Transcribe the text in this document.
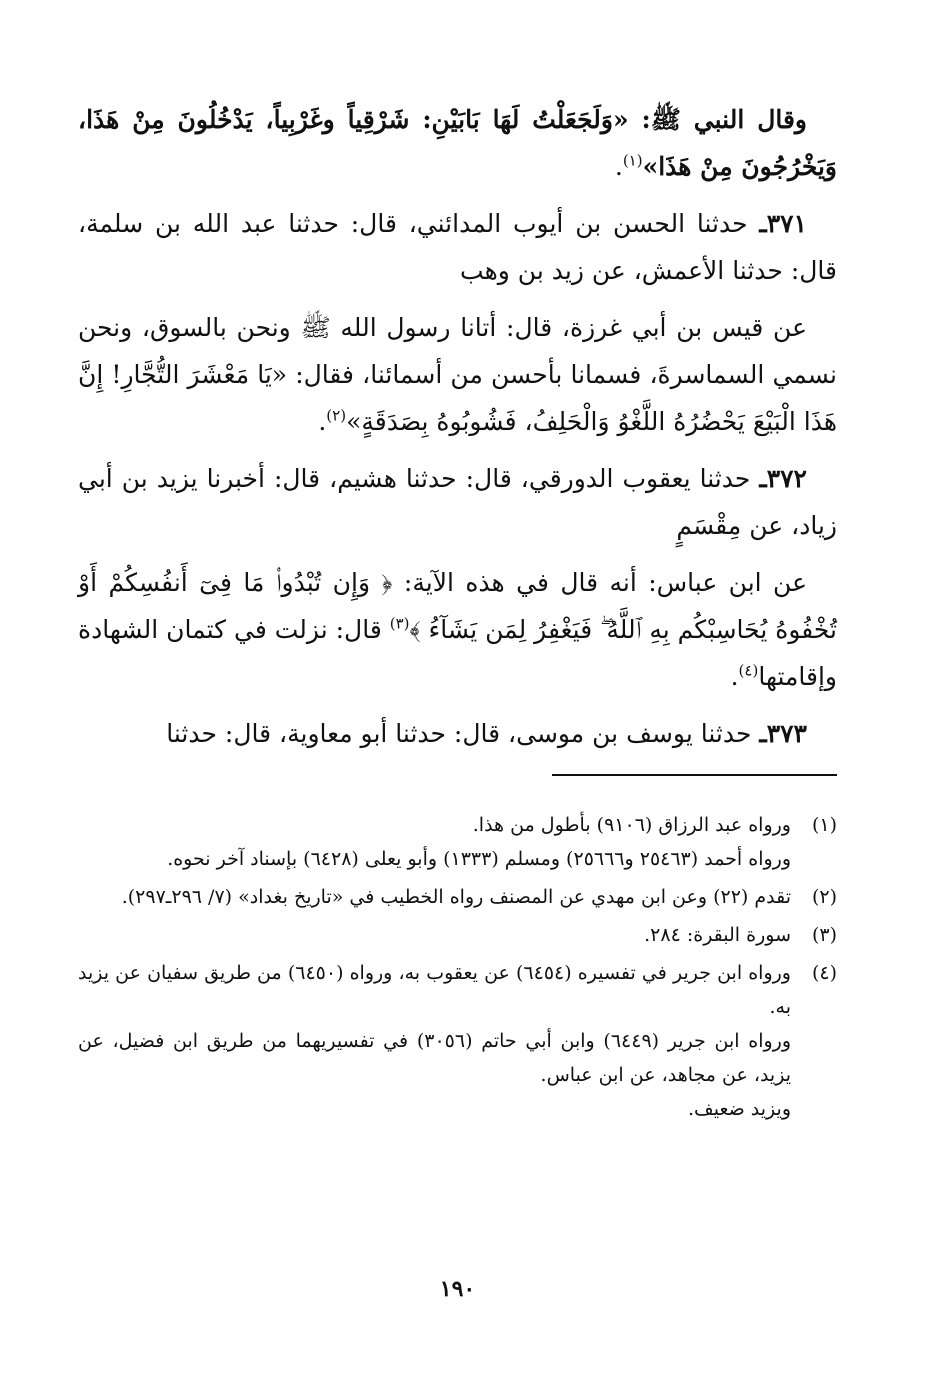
وقال النبي ﷺ: «وَلَجَعَلْتُ لَهَا بَابَيْنِ: شَرْقِياً وغَرْبِياً، يَدْخُلُونَ مِنْ هَذَا، وَيَخْرُجُونَ مِنْ هَذَا»$^{(١)}$.

٣٧١ـ حدثنا الحسن بن أيوب المدائني، قال: حدثنا عبد الله بن سلمة، قال: حدثنا الأعمش، عن زيد بن وهب

عن قيس بن أبي غرزة، قال: أتانا رسول الله ﷺ ونحن بالسوق، ونحن نسمي السماسرةَ، فسمانا بأحسن من أسمائنا، فقال: «يَا مَعْشَرَ التُّجَّارِ! إِنَّ هَذَا الْبَيْعَ يَحْضُرُهُ اللَّغْوُ وَالْحَلِفُ، فَشُوبُوهُ بِصَدَقَةٍ»$^{(٢)}$.

٣٧٢ـ حدثنا يعقوب الدورقي، قال: حدثنا هشيم، قال: أخبرنا يزيد بن أبي زياد، عن مِقْسَمٍ

عن ابن عباس: أنه قال في هذه الآية: ﴿ وَإِن تُبْدُوا۟ مَا فِىٓ أَنفُسِكُمْ أَوْ تُخْفُوهُ يُحَاسِبْكُم بِهِ ٱللَّهُ ۖ فَيَغْفِرُ لِمَن يَشَآءُ ﴾$^{(٣)}$ قال: نزلت في كتمان الشهادة وإقامتها$^{(٤)}$.

٣٧٣ـ حدثنا يوسف بن موسى، قال: حدثنا أبو معاوية، قال: حدثنا

(١)
ورواه عبد الرزاق (٩١٠٦) بأطول من هذا.
ورواه أحمد (٢٥٤٦٣ و٢٥٦٦٦) ومسلم (١٣٣٣) وأبو يعلى (٦٤٢٨) بإسناد آخر نحوه.
(٢)
تقدم (٢٢) وعن ابن مهدي عن المصنف رواه الخطيب في «تاريخ بغداد» (٧/ ٢٩٦ـ٢٩٧).
(٣)
سورة البقرة: ٢٨٤.
(٤)
ورواه ابن جرير في تفسيره (٦٤٥٤) عن يعقوب به، ورواه (٦٤٥٠) من طريق سفيان عن يزيد به.
ورواه ابن جرير (٦٤٤٩) وابن أبي حاتم (٣٠٥٦) في تفسيريهما من طريق ابن فضيل، عن يزيد، عن مجاهد، عن ابن عباس.
ويزيد ضعيف.
١٩٠
